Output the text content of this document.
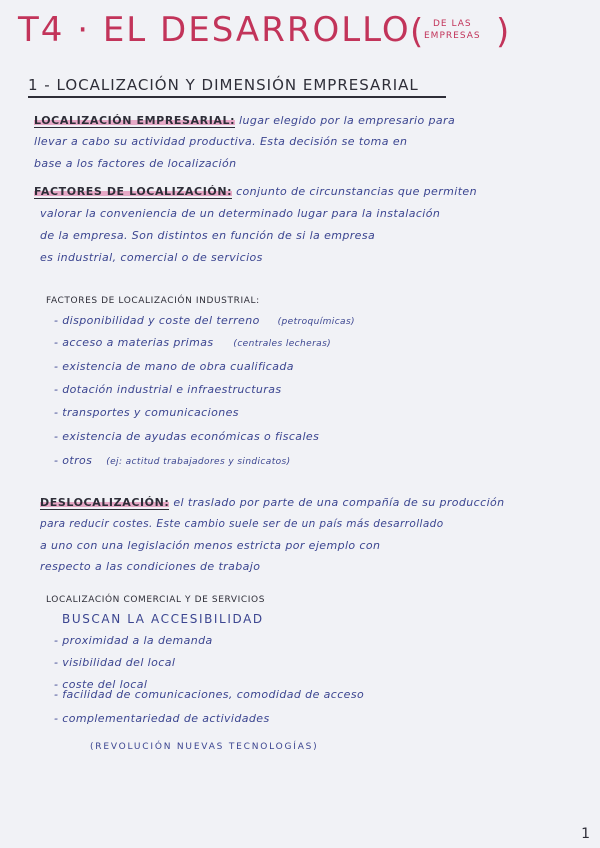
T4 · EL DESARROLLO (	DE LAS
EMPRESAS )
1 - LOCALIZACIÓN Y DIMENSIÓN EMPRESARIAL
LOCALIZACIÓN EMPRESARIAL: lugar elegido por la empresario para
llevar a cabo su actividad productiva. Esta decisión se toma en
base a los factores de localización
FACTORES DE LOCALIZACIÓN: conjunto de circunstancias que permiten
valorar la conveniencia de un determinado lugar para la instalación
de la empresa. Son distintos en función de si la empresa
es industrial, comercial o de servicios
FACTORES DE LOCALIZACIÓN INDUSTRIAL:
- disponibilidad y coste del terreno (petroquímicas)
- acceso a materias primas (centrales lecheras)
- existencia de mano de obra cualificada
- dotación industrial e infraestructuras
- transportes y comunicaciones
- existencia de ayudas económicas o fiscales
- otros (ej: actitud trabajadores y sindicatos)
DESLOCALIZACIÓN: el traslado por parte de una compañía de su producción
para reducir costes. Este cambio suele ser de un país más desarrollado
a uno con una legislación menos estricta por ejemplo con
respecto a las condiciones de trabajo
LOCALIZACIÓN COMERCIAL Y DE SERVICIOS
BUSCAN LA ACCESIBILIDAD
- proximidad a la demanda
- visibilidad del local
- coste del local
- facilidad de comunicaciones, comodidad de acceso
- complementariedad de actividades
(REVOLUCIÓN NUEVAS TECNOLOGÍAS)
1
